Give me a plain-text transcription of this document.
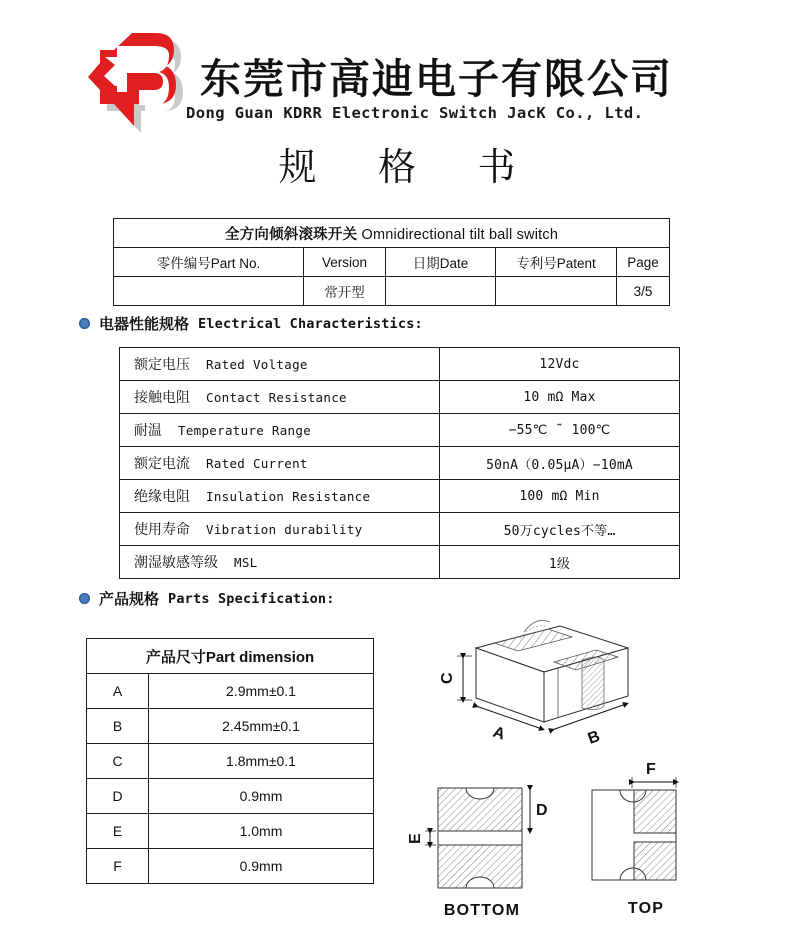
东莞市高迪电子有限公司
Dong Guan KDRR Electronic Switch JacK Co., Ltd.
规 格 书
全方向倾斜滚珠开关 Omnidirectional tilt ball switch				
零件编号Part No.	Version	日期Date	专利号Patent	Page
	常开型			3/5
电器性能规格 Electrical Characteristics:
额定电压 Rated Voltage	12Vdc
接触电阻 Contact Resistance	10 mΩ Max
耐温 Temperature Range	−55℃ ˜ 100℃
额定电流 Rated Current	50nA（0.05μA）−10mA
绝缘电阻 Insulation Resistance	100 mΩ Min
使用寿命 Vibration durability	50万cycles不等…
潮湿敏感等级 MSL	1级
产品规格 Parts Specification:
产品尺寸Part dimension	
A	2.9mm±0.1
B	2.45mm±0.1
C	1.8mm±0.1
D	0.9mm
E	1.0mm
F	0.9mm
C
A	B
D
E
F
BOTTOM	TOP
